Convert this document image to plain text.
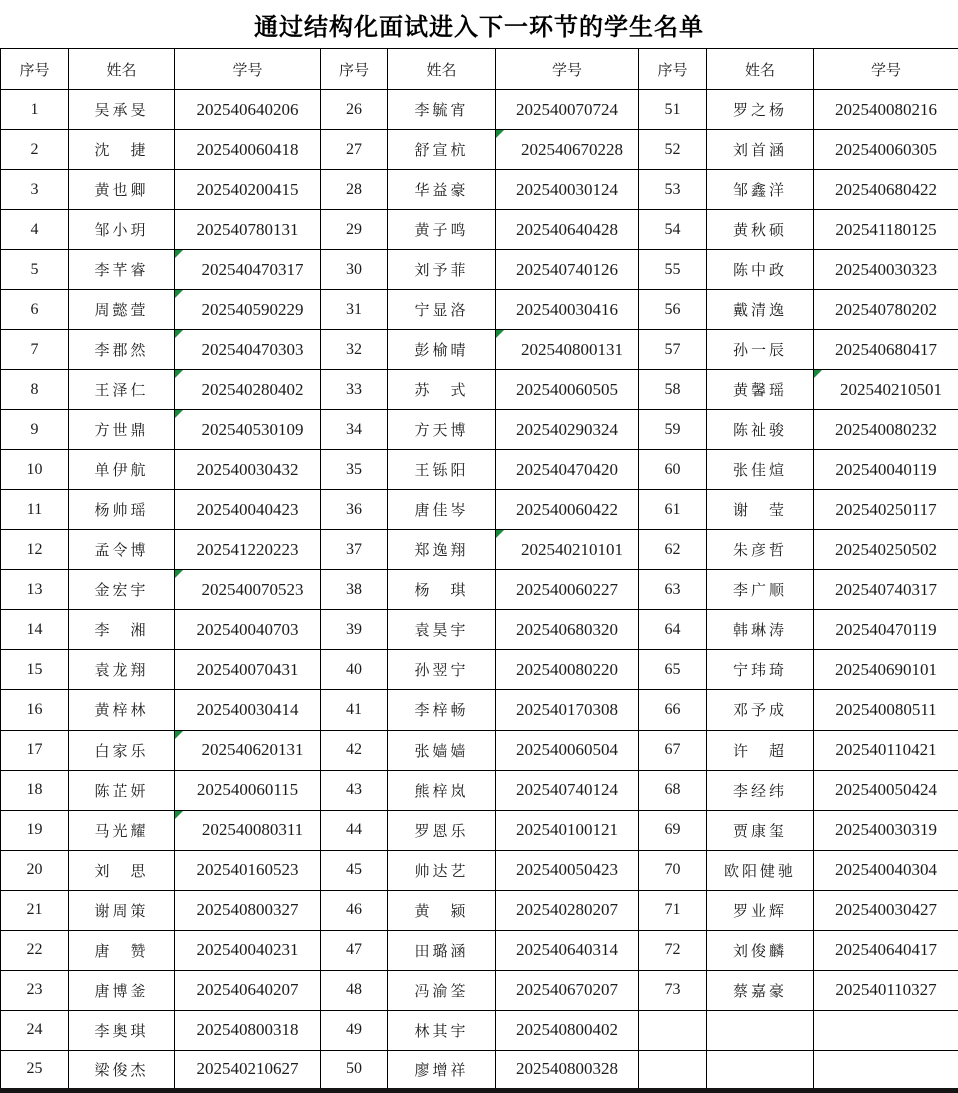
通过结构化面试进入下一环节的学生名单
序号	姓名	学号	序号	姓名	学号	序号	姓名	学号
1	吴承旻	202540640206	26	李毓宵	202540070724	51	罗之杨	202540080216
2	沈　捷	202540060418	27	舒宣杭	202540670228	52	刘首涵	202540060305
3	黄也卿	202540200415	28	华益豪	202540030124	53	邹鑫洋	202540680422
4	邹小玥	202540780131	29	黄子鸣	202540640428	54	黄秋硕	202541180125
5	李芊睿	202540470317	30	刘予菲	202540740126	55	陈中政	202540030323
6	周懿萱	202540590229	31	宁显洛	202540030416	56	戴清逸	202540780202
7	李郡然	202540470303	32	彭榆晴	202540800131	57	孙一辰	202540680417
8	王泽仁	202540280402	33	苏　式	202540060505	58	黄馨瑶	202540210501
9	方世鼎	202540530109	34	方天博	202540290324	59	陈祉骏	202540080232
10	单伊航	202540030432	35	王铄阳	202540470420	60	张佳煊	202540040119
11	杨帅瑶	202540040423	36	唐佳岑	202540060422	61	谢　莹	202540250117
12	孟令博	202541220223	37	郑逸翔	202540210101	62	朱彦哲	202540250502
13	金宏宇	202540070523	38	杨　琪	202540060227	63	李广顺	202540740317
14	李　湘	202540040703	39	袁昊宇	202540680320	64	韩琳涛	202540470119
15	袁龙翔	202540070431	40	孙翌宁	202540080220	65	宁玮琦	202540690101
16	黄梓林	202540030414	41	李梓畅	202540170308	66	邓予成	202540080511
17	白家乐	202540620131	42	张嫱嫱	202540060504	67	许　超	202540110421
18	陈芷妍	202540060115	43	熊梓岚	202540740124	68	李经纬	202540050424
19	马光耀	202540080311	44	罗恩乐	202540100121	69	贾康玺	202540030319
20	刘　思	202540160523	45	帅达艺	202540050423	70	欧阳健驰	202540040304
21	谢周策	202540800327	46	黄　颍	202540280207	71	罗业辉	202540030427
22	唐　赞	202540040231	47	田璐涵	202540640314	72	刘俊麟	202540640417
23	唐博釜	202540640207	48	冯渝筌	202540670207	73	蔡嘉豪	202540110327
24	李奥琪	202540800318	49	林其宇	202540800402			
25	梁俊杰	202540210627	50	廖增祥	202540800328			
